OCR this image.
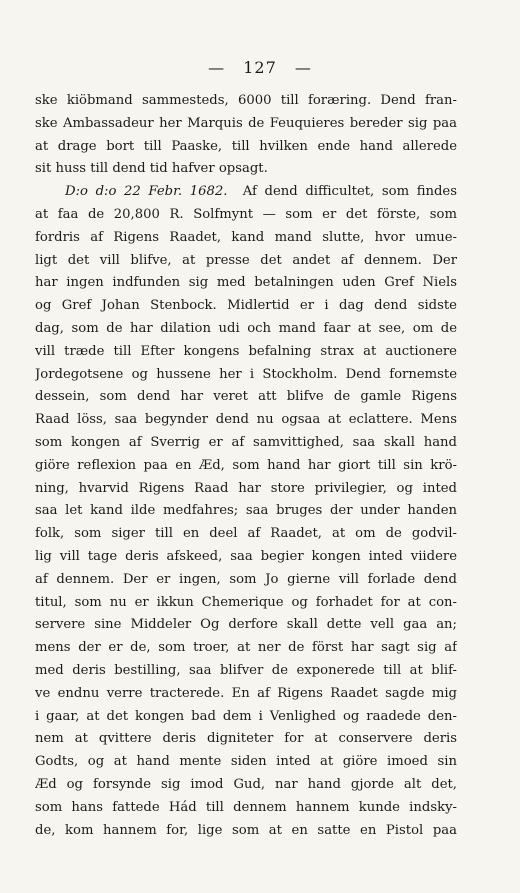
— 127 —
ske kiöbmand sammesteds, 6000 till foræring. Dend fran-
ske Ambassadeur her Marquis de Feuquieres bereder sig paa
at drage bort till Paaske, till hvilken ende hand allerede
sit huss till dend tid hafver opsagt.
D:o d:o 22 Febr. 1682. Af dend difficultet, som findes
at faa de 20,800 R. Solfmynt — som er det förste, som
fordris af Rigens Raadet, kand mand slutte, hvor umue-
ligt det vill blifve, at presse det andet af dennem. Der
har ingen indfunden sig med betalningen uden Gref Niels
og Gref Johan Stenbock. Midlertid er i dag dend sidste
dag, som de har dilation udi och mand faar at see, om de
vill træde till Efter kongens befalning strax at auctionere
Jordegotsene og hussene her i Stockholm. Dend fornemste
dessein, som dend har veret att blifve de gamle Rigens
Raad löss, saa begynder dend nu ogsaa at eclattere. Mens
som kongen af Sverrig er af samvittighed, saa skall hand
giöre reflexion paa en Æd, som hand har giort till sin krö-
ning, hvarvid Rigens Raad har store privilegier, og inted
saa let kand ilde medfahres; saa bruges der under handen
folk, som siger till en deel af Raadet, at om de godvil-
lig vill tage deris afskeed, saa begier kongen inted viidere
af dennem. Der er ingen, som Jo gierne vill forlade dend
titul, som nu er ikkun Chemerique og forhadet for at con-
servere sine Middeler Og derfore skall dette vell gaa an;
mens der er de, som troer, at ner de först har sagt sig af
med deris bestilling, saa blifver de exponerede till at blif-
ve endnu verre tracterede. En af Rigens Raadet sagde mig
i gaar, at det kongen bad dem i Venlighed og raadede den-
nem at qvittere deris digniteter for at conservere deris
Godts, og at hand mente siden inted at giöre imoed sin
Æd og forsynde sig imod Gud, nar hand gjorde alt det,
som hans fattede Hád till dennem hannem kunde indsky-
de, kom hannem for, lige som at en satte en Pistol paa
